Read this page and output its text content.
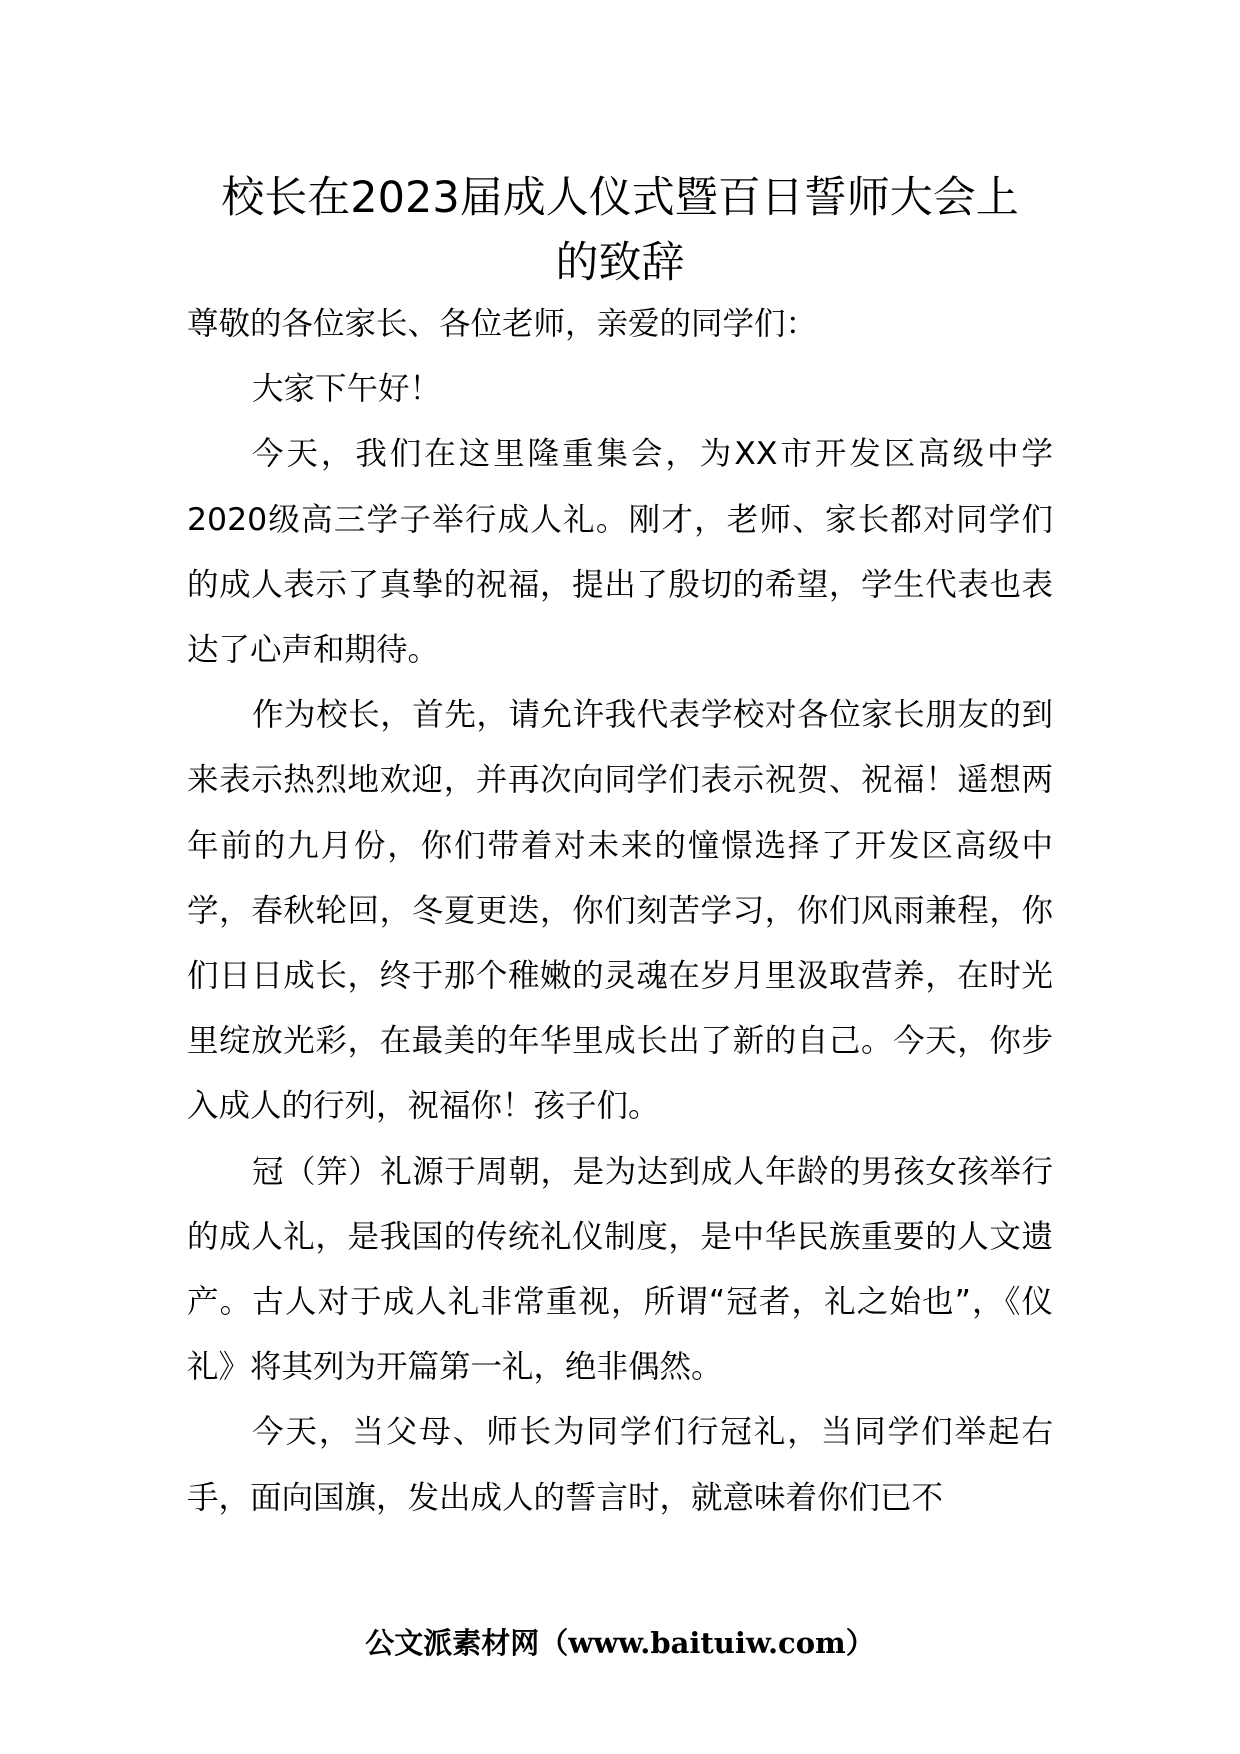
校长在2023届成人仪式暨百日誓师大会上
的致辞

尊敬的各位家长、各位老师，亲爱的同学们：

大家下午好！

今天，我们在这里隆重集会，为XX市开发区高级中学2020级高三学子举行成人礼。刚才，老师、家长都对同学们的成人表示了真挚的祝福，提出了殷切的希望，学生代表也表达了心声和期待。

作为校长，首先，请允许我代表学校对各位家长朋友的到来表示热烈地欢迎，并再次向同学们表示祝贺、祝福！遥想两年前的九月份，你们带着对未来的憧憬选择了开发区高级中学，春秋轮回，冬夏更迭，你们刻苦学习，你们风雨兼程，你们日日成长，终于那个稚嫩的灵魂在岁月里汲取营养，在时光里绽放光彩，在最美的年华里成长出了新的自己。今天，你步入成人的行列，祝福你！孩子们。

冠（笄）礼源于周朝，是为达到成人年龄的男孩女孩举行的成人礼，是我国的传统礼仪制度，是中华民族重要的人文遗产。古人对于成人礼非常重视，所谓“冠者，礼之始也”，《仪礼》将其列为开篇第一礼，绝非偶然。

今天，当父母、师长为同学们行冠礼，当同学们举起右手，面向国旗，发出成人的誓言时，就意味着你们已不

公文派素材网（www.baituiw.com）
